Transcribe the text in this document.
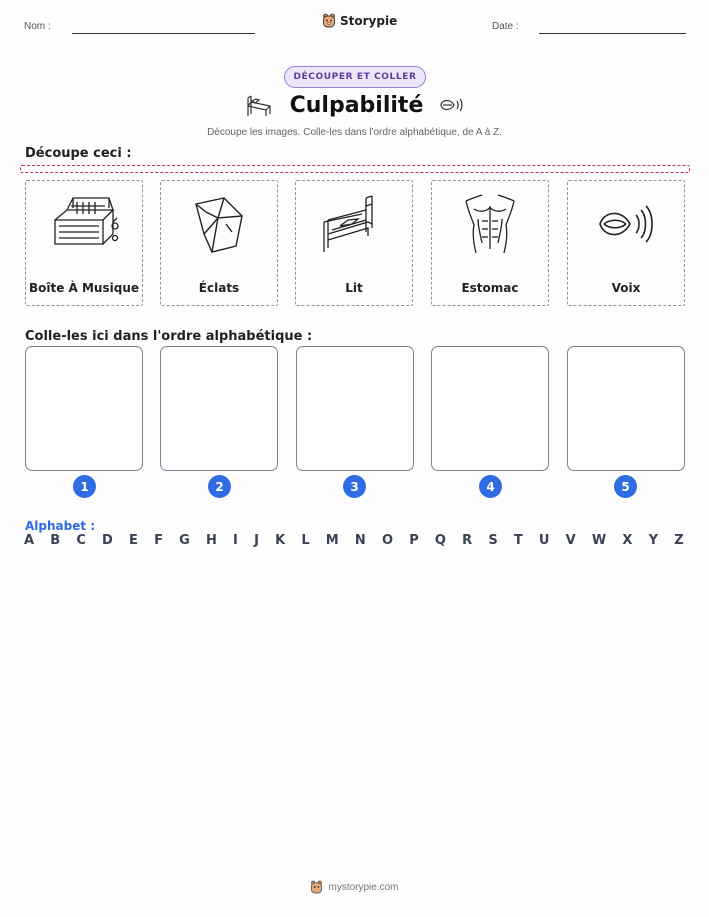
Nom :	Storypie	Date :
DÉCOUPER ET COLLER
Culpabilité
Découpe les images. Colle-les dans l'ordre alphabétique, de A à Z.
Découpe ceci :
Boîte À Musique	Éclats	Lit	Estomac	Voix
Colle-les ici dans l'ordre alphabétique :
1	2	3	4	5
Alphabet :
A B C D E F G H I J K L M N O P Q R S T U V W X Y Z
mystorypie.com
